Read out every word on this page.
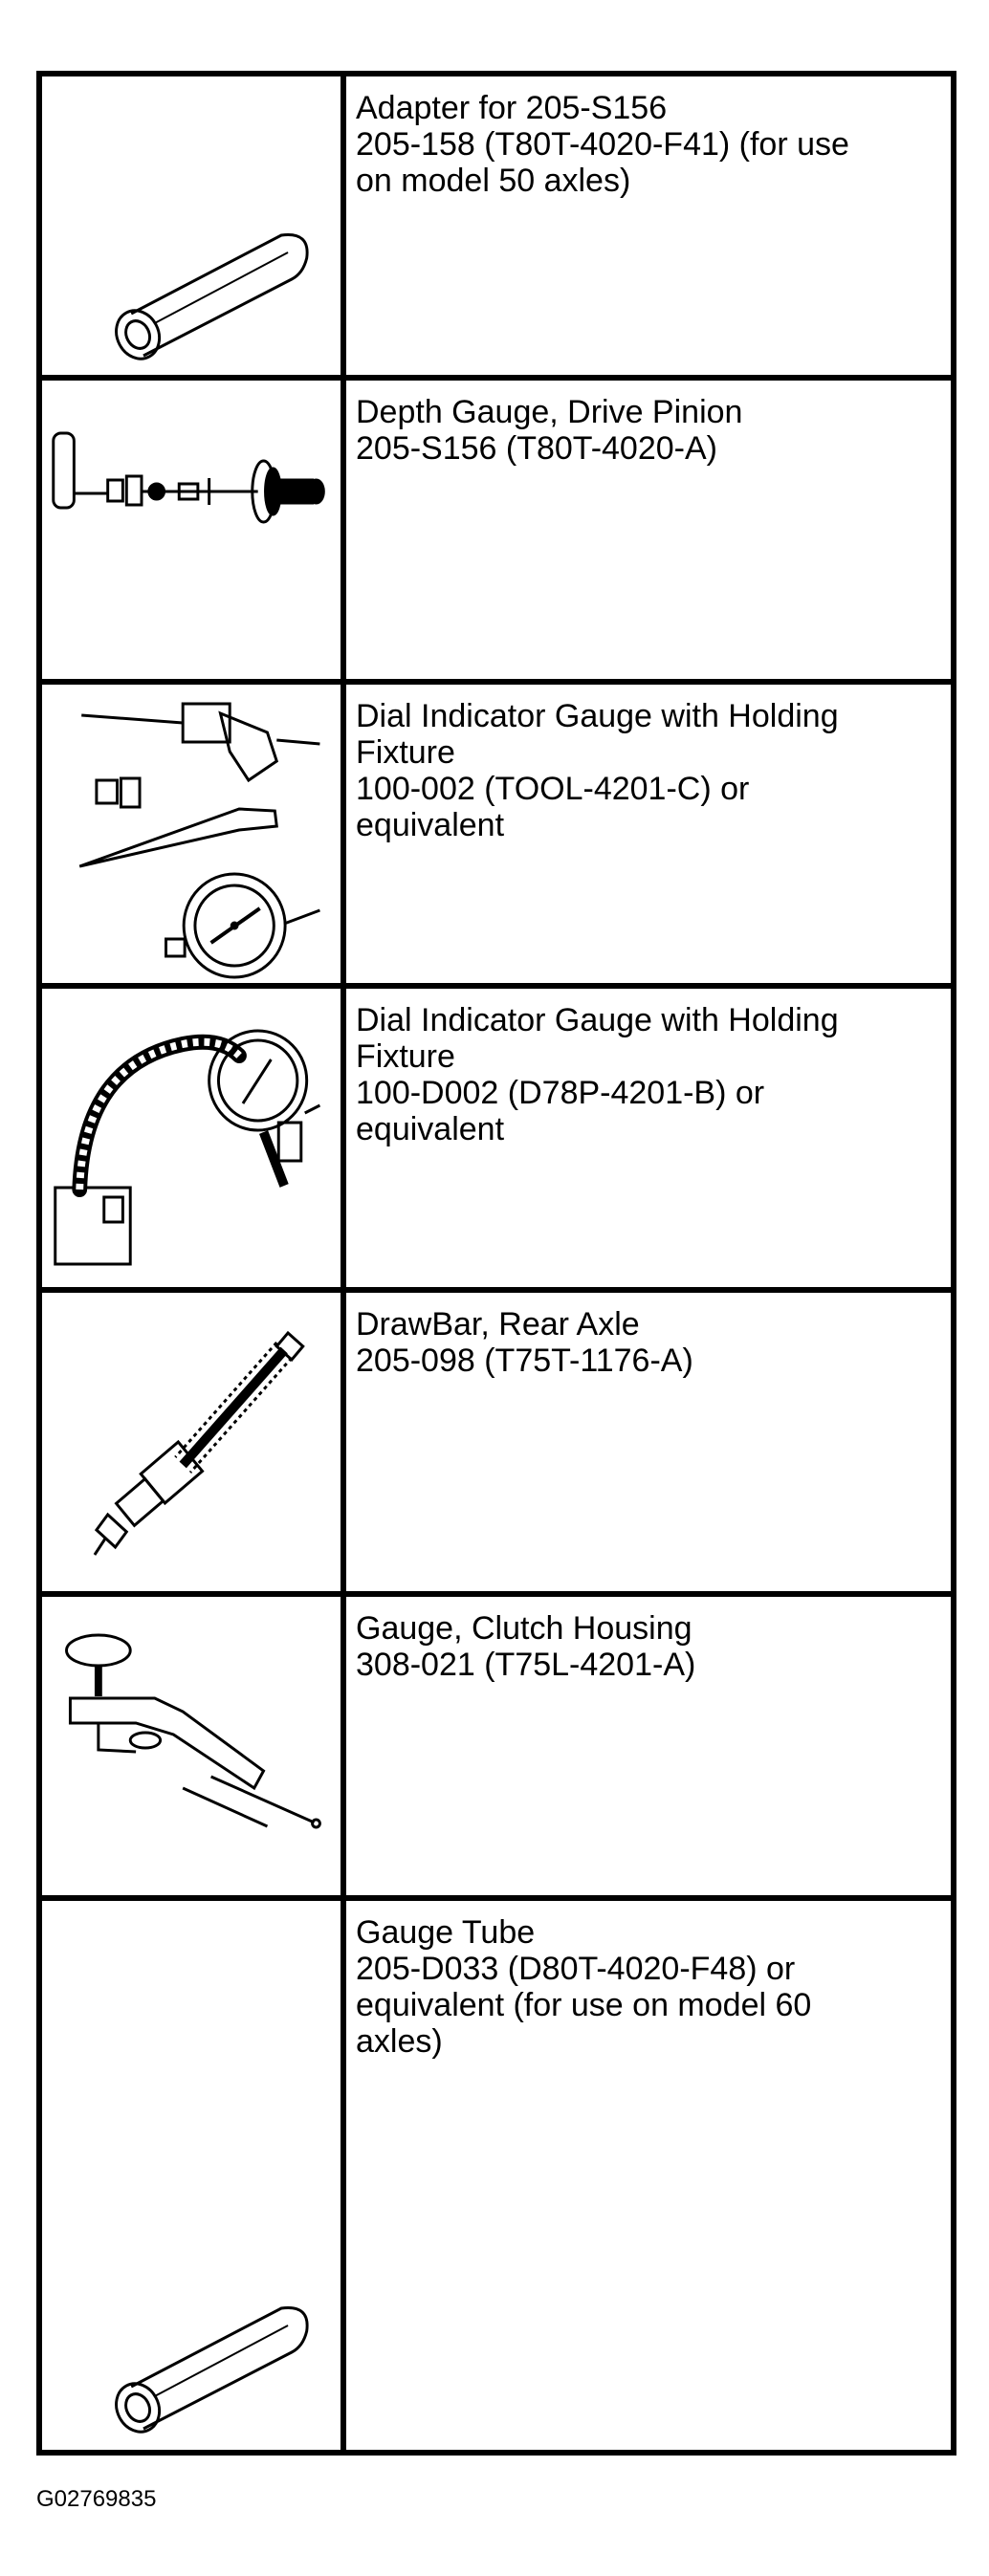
Adapter for 205-S156
205-158 (T80T-4020-F41) (for use
on model 50 axles)

Depth Gauge, Drive Pinion
205-S156 (T80T-4020-A)

Dial Indicator Gauge with Holding
Fixture
100-002 (TOOL-4201-C) or
equivalent

Dial Indicator Gauge with Holding
Fixture
100-D002 (D78P-4201-B) or
equivalent

DrawBar, Rear Axle
205-098 (T75T-1176-A)

Gauge, Clutch Housing
308-021 (T75L-4201-A)

Gauge Tube
205-D033 (D80T-4020-F48) or
equivalent (for use on model 60
axles)
G02769835
